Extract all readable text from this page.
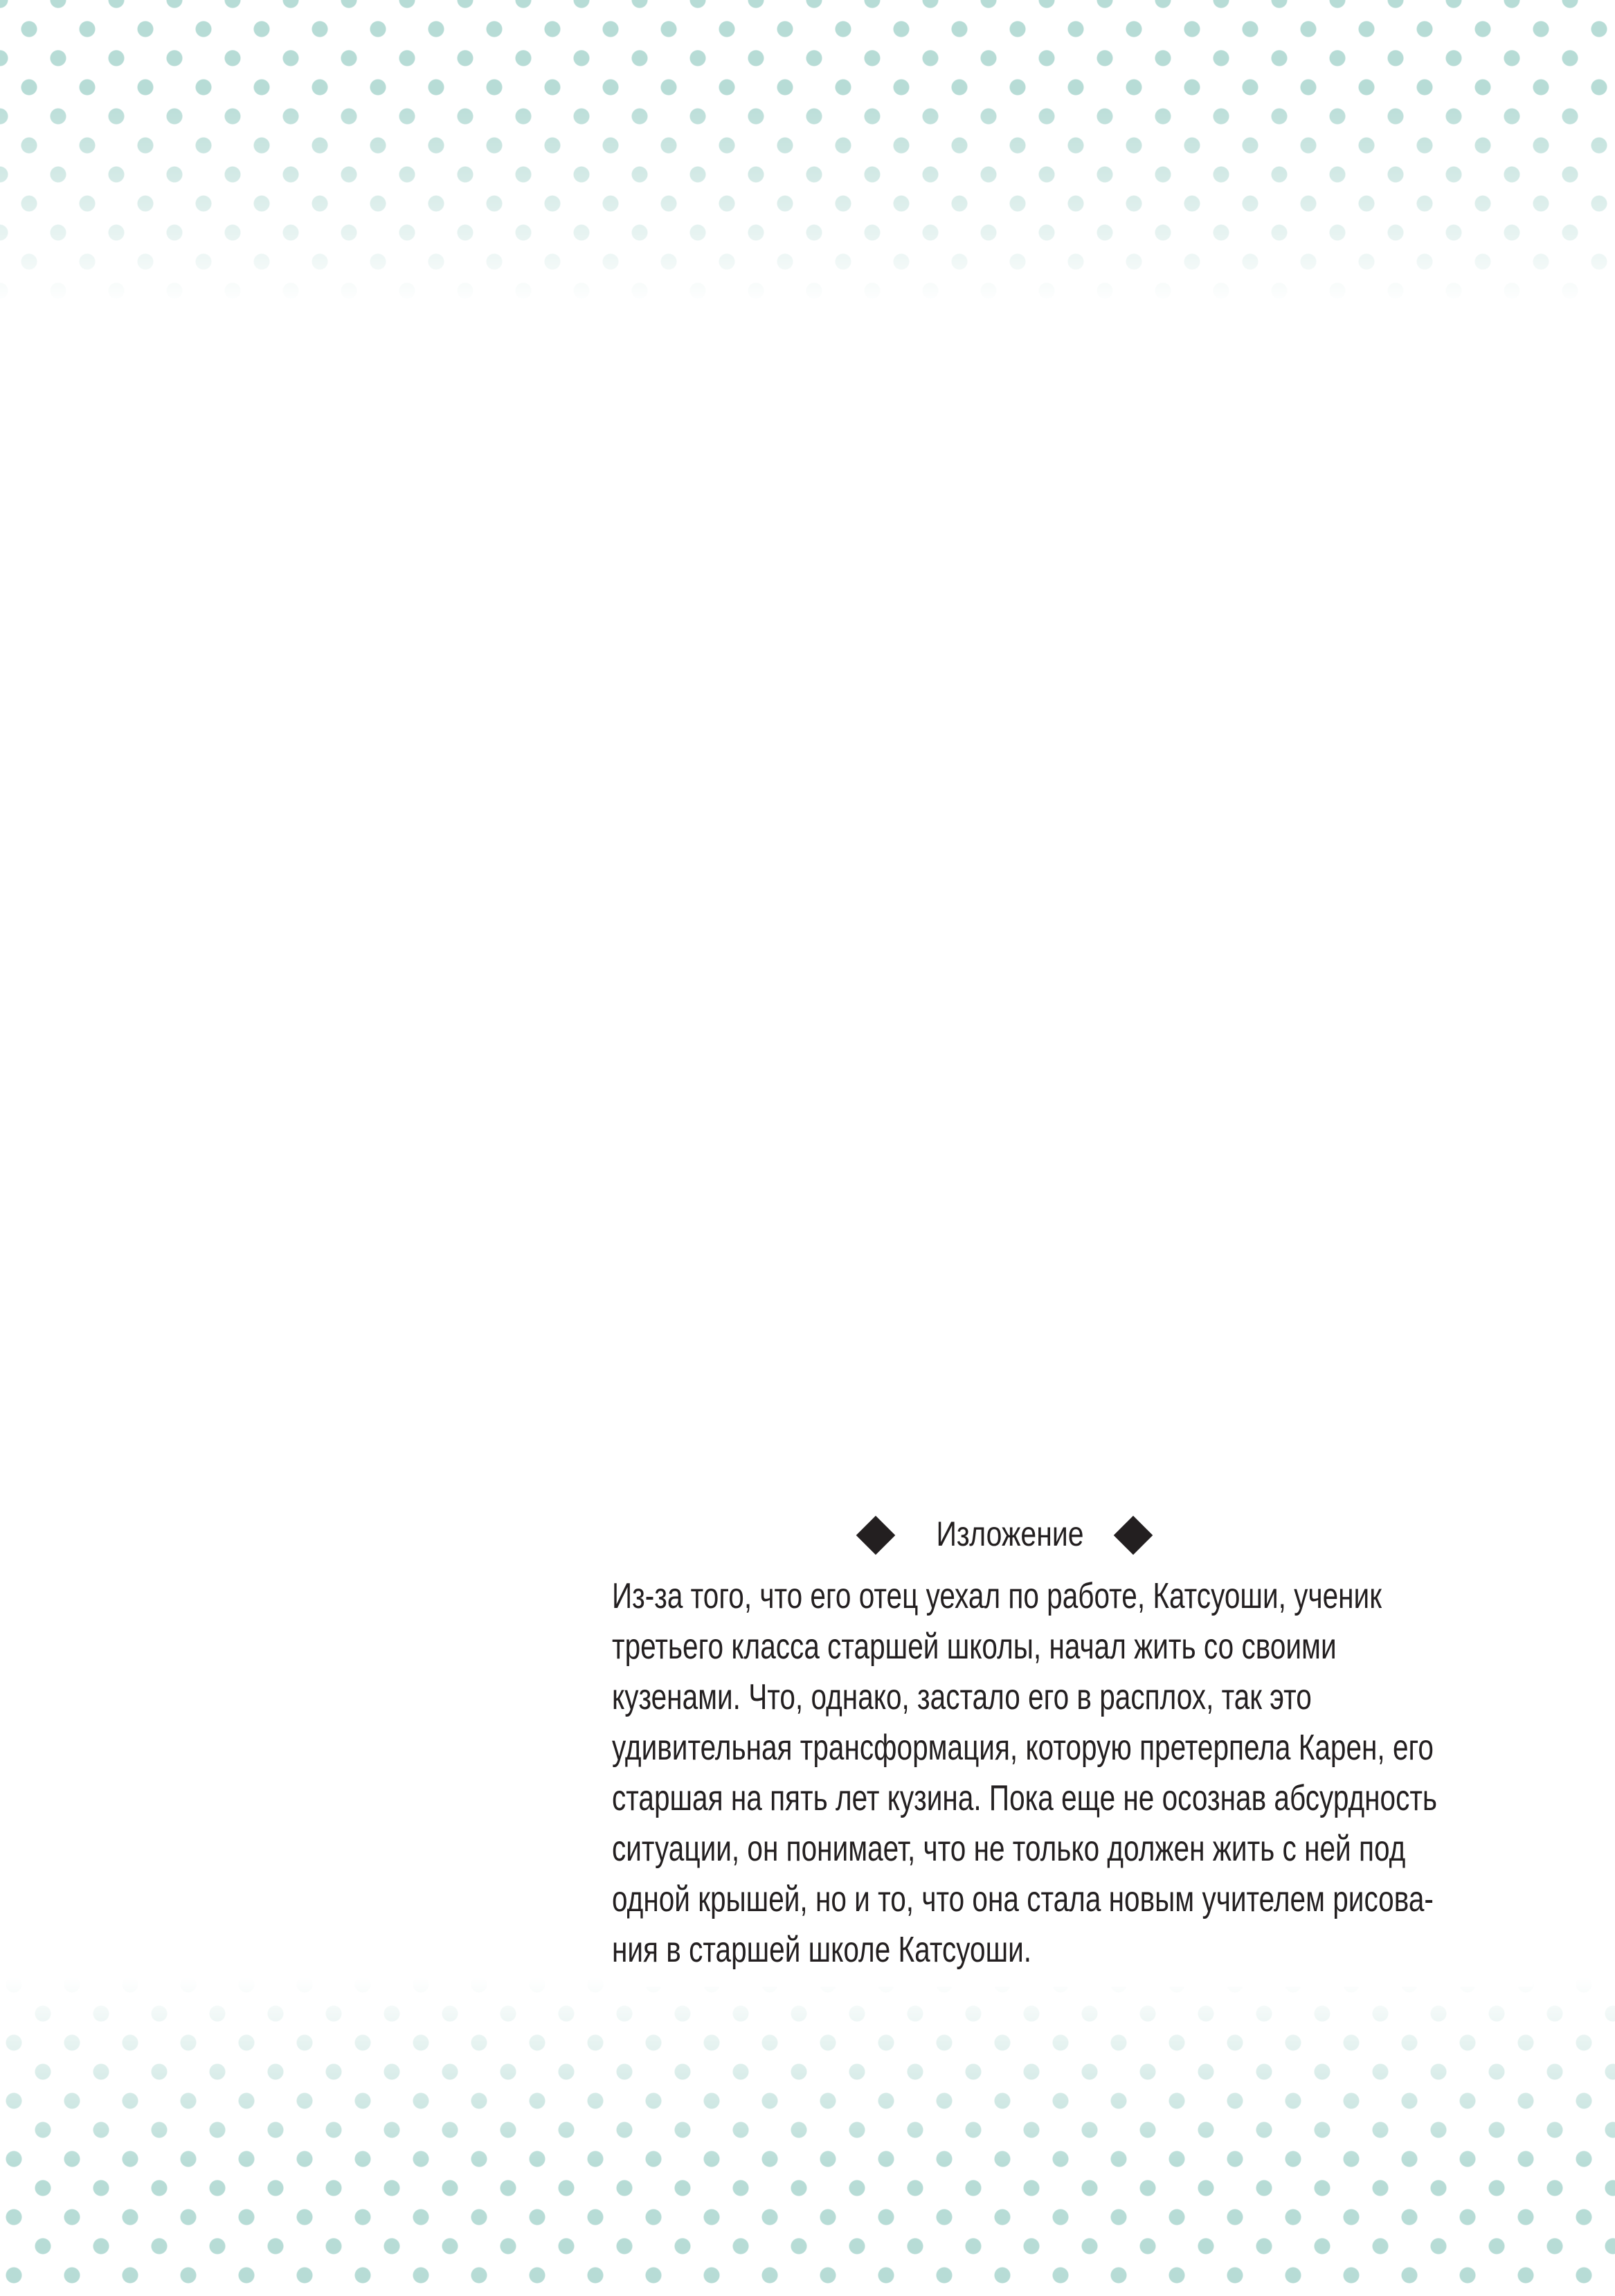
Изложение

Из-за того, что его отец уехал по работе, Катсуоши, ученик
третьего класса старшей школы, начал жить со своими
кузенами. Что, однако, застало его в расплох, так это
удивительная трансформация, которую претерпела Карен, его
старшая на пять лет кузина. Пока еще не осознав абсурдность
ситуации, он понимает, что не только должен жить с ней под
одной крышей, но и то, что она стала новым учителем рисова-
ния в старшей школе Катсуоши.
